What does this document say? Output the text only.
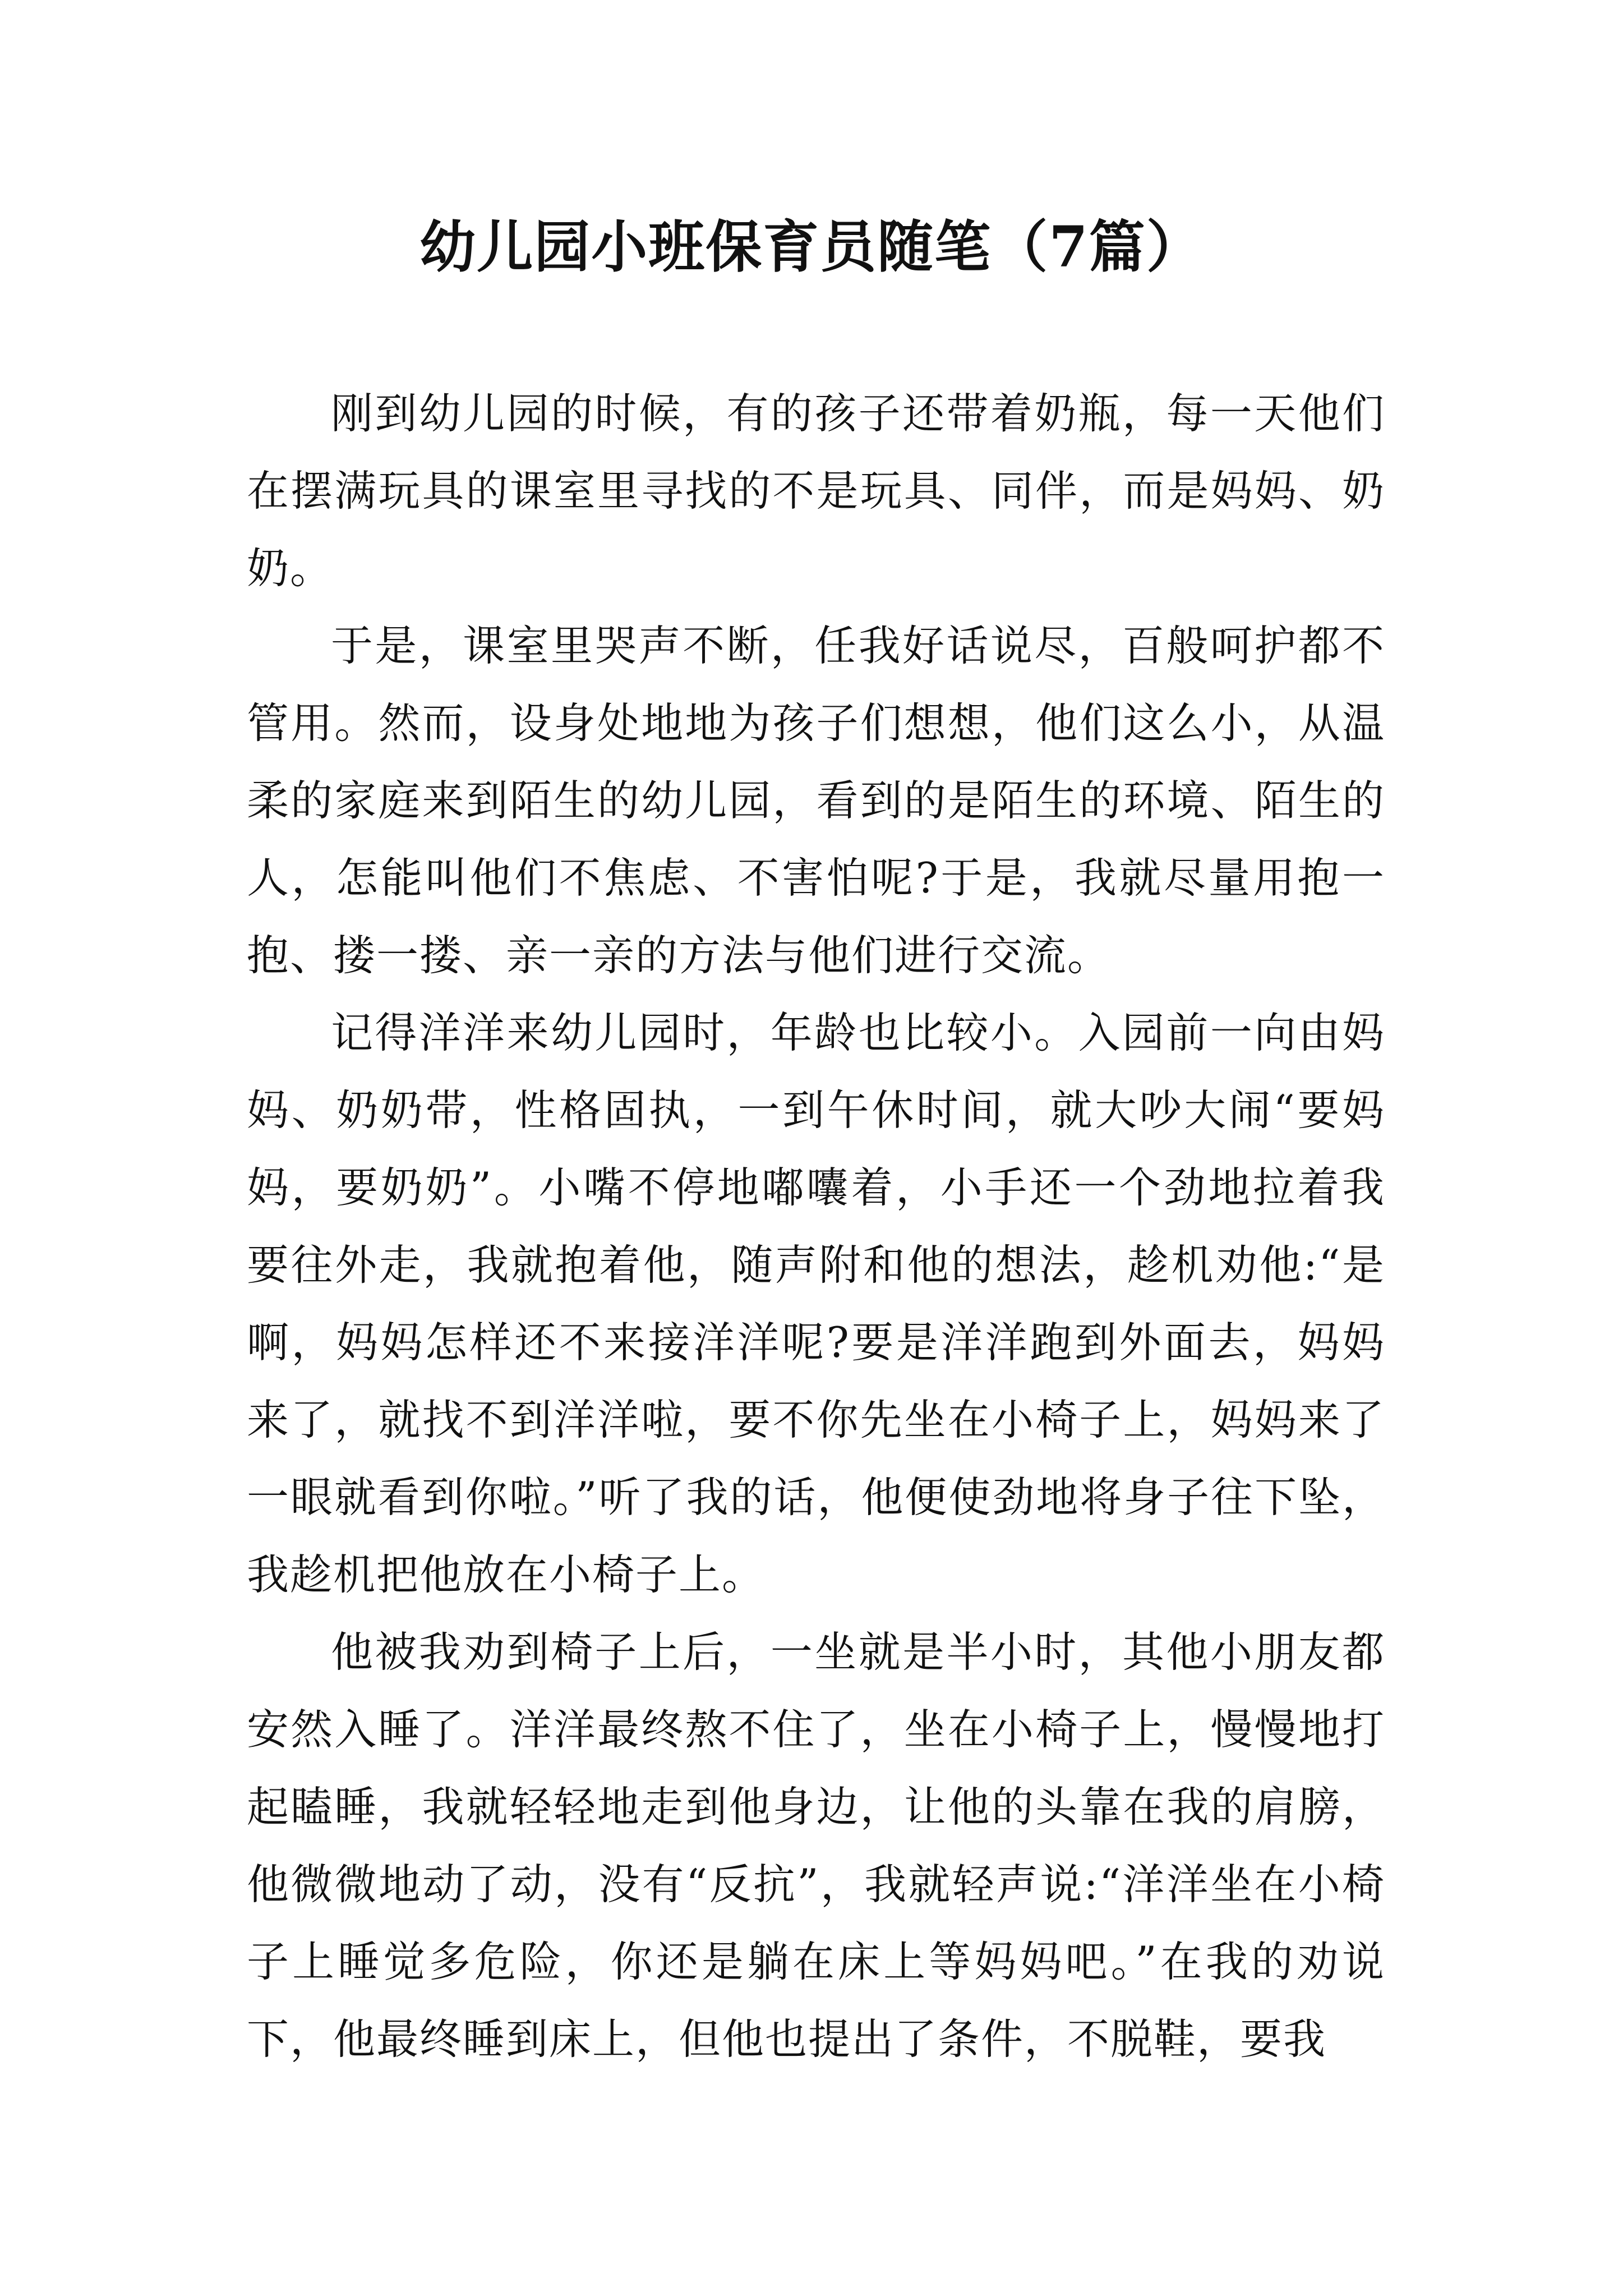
幼儿园小班保育员随笔（7篇）

刚到幼儿园的时候，有的孩子还带着奶瓶，每一天他们在摆满玩具的课室里寻找的不是玩具、同伴，而是妈妈、奶奶。

于是，课室里哭声不断，任我好话说尽，百般呵护都不管用。然而，设身处地地为孩子们想想，他们这么小，从温柔的家庭来到陌生的幼儿园，看到的是陌生的环境、陌生的人，怎能叫他们不焦虑、不害怕呢?于是，我就尽量用抱一抱、搂一搂、亲一亲的方法与他们进行交流。

记得洋洋来幼儿园时，年龄也比较小。入园前一向由妈妈、奶奶带，性格固执，一到午休时间，就大吵大闹“要妈妈，要奶奶”。小嘴不停地嘟囔着，小手还一个劲地拉着我要往外走，我就抱着他，随声附和他的想法，趁机劝他:“是啊，妈妈怎样还不来接洋洋呢?要是洋洋跑到外面去，妈妈来了，就找不到洋洋啦，要不你先坐在小椅子上，妈妈来了一眼就看到你啦。”听了我的话，他便使劲地将身子往下坠，我趁机把他放在小椅子上。

他被我劝到椅子上后，一坐就是半小时，其他小朋友都安然入睡了。洋洋最终熬不住了，坐在小椅子上，慢慢地打起瞌睡，我就轻轻地走到他身边，让他的头靠在我的肩膀，他微微地动了动，没有“反抗”，我就轻声说:“洋洋坐在小椅子上睡觉多危险，你还是躺在床上等妈妈吧。”在我的劝说下，他最终睡到床上，但他也提出了条件，不脱鞋，要我
